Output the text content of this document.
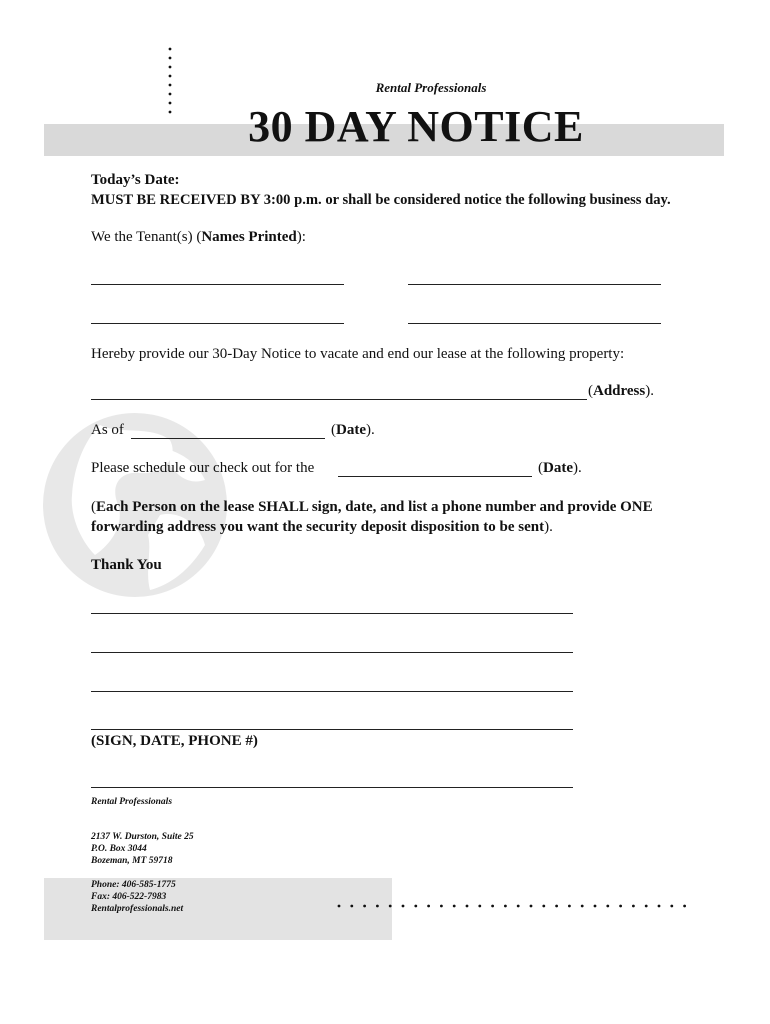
Rental Professionals
30 DAY NOTICE
Today’s Date:
MUST BE RECEIVED BY 3:00 p.m. or shall be considered notice the following business day.
We the Tenant(s) (Names Printed):
Hereby provide our 30-Day Notice to vacate and end our lease at the following property:
(Address).
As of	(Date).
Please schedule our check out for the	(Date).
(Each Person on the lease SHALL sign, date, and list a phone number and provide ONE
forwarding address you want the security deposit disposition to be sent).
Thank You
(SIGN, DATE, PHONE #)
Rental Professionals
2137 W. Durston, Suite 25
P.O. Box 3044
Bozeman, MT 59718
Phone: 406-585-1775
Fax: 406-522-7983
Rentalprofessionals.net
